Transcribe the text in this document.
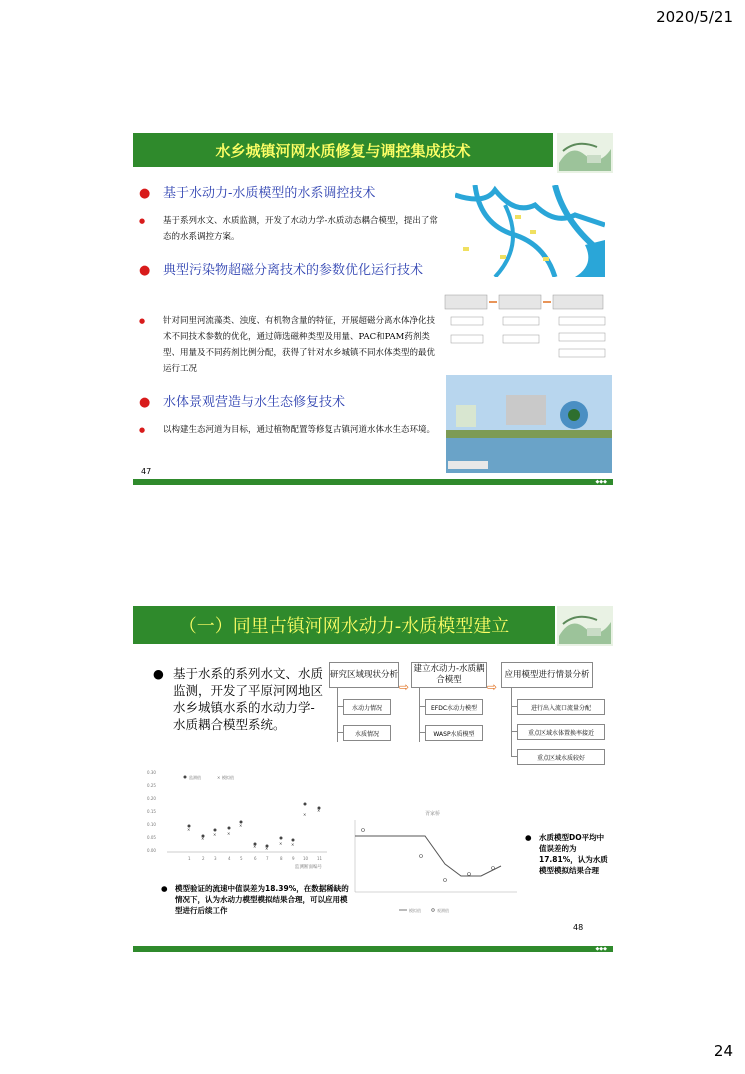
2020/5/21
水乡城镇河网水质修复与调控集成技术
● 基于水动力-水质模型的水系调控技术
● 基于系列水文、水质监测，开发了水动力学-水质动态耦合模型，提出了常态的水系调控方案。
● 典型污染物超磁分离技术的参数优化运行技术
● 针对同里河流藻类、浊度、有机物含量的特征，开展超磁分离水体净化技术不同技术参数的优化，通过筛选磁种类型及用量、PAC和PAM药剂类型、用量及不同药剂比例分配，获得了针对水乡城镇不同水体类型的最优运行工况
● 水体景观营造与水生态修复技术
● 以构建生态河道为目标，通过植物配置等修复古镇河道水体水生态环境。
47
◆◆◆
（一）同里古镇河网水动力-水质模型建立
● 基于水系的系列水文、水质监测，开发了平原河网地区水乡城镇水系的水动力学-水质耦合模型系统。
研究区域现状分析
⇨
建立水动力-水质耦合模型	⇨
应用模型进行情景分析
水动力情况
水质情况
EFDC水动力模型
WASP水质模型
进行出入流口流量分配
重点区域水体置换率接近
重点区域水质较好
0.30
0.25
0.20
0.15
0.10
0.05
0.00
✕
✕
✕	✕
✕
✕ ✕
✕ ✕
✕
✕
监测值	✕ 模拟值
1	2 3	4 5	6 7	8 9 10 11
监测断面编号
● 模型验证的流速中值误差为18.39%，在数据稀缺的情况下，认为水动力模型模拟结果合理，可以应用模型进行后续工作
胥家桥
模拟值	观测值
● 水质模型DO平均中值误差的为17.81%，认为水质模型模拟结果合理
48
◆◆◆
24
